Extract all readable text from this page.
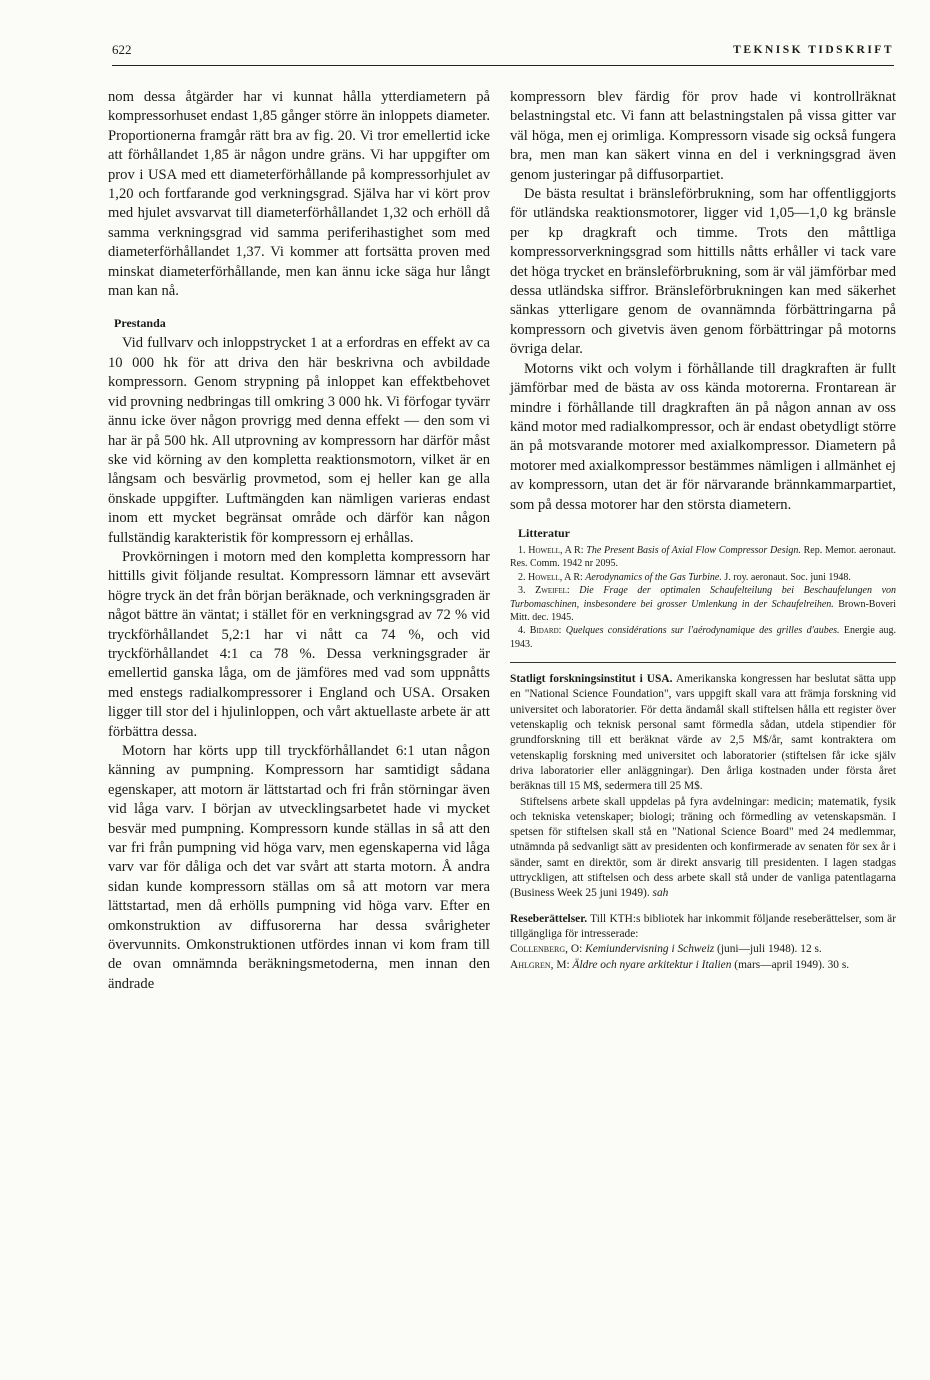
622	TEKNISK TIDSKRIFT

nom dessa åtgärder har vi kunnat hålla ytterdiametern på kompressorhuset endast 1,85 gånger större än inloppets diameter. Proportionerna framgår rätt bra av fig. 20. Vi tror emellertid icke att förhållandet 1,85 är någon undre gräns. Vi har uppgifter om prov i USA med ett diameterförhållande på kompressorhjulet av 1,20 och fortfarande god verkningsgrad. Själva har vi kört prov med hjulet avsvarvat till diameterförhållandet 1,32 och erhöll då samma verkningsgrad vid samma periferihastighet som med diameterförhållandet 1,37. Vi kommer att fortsätta proven med minskat diameterförhållande, men kan ännu icke säga hur långt man kan nå.

Prestanda

Vid fullvarv och inloppstrycket 1 at a erfordras en effekt av ca 10 000 hk för att driva den här beskrivna och avbildade kompressorn. Genom strypning på inloppet kan effektbehovet vid provning nedbringas till omkring 3 000 hk. Vi förfogar tyvärr ännu icke över någon provrigg med denna effekt — den som vi har är på 500 hk. All utprovning av kompressorn har därför måst ske vid körning av den kompletta reaktionsmotorn, vilket är en långsam och besvärlig provmetod, som ej heller kan ge alla önskade uppgifter. Luftmängden kan nämligen varieras endast inom ett mycket begränsat område och därför kan någon fullständig karakteristik för kompressorn ej erhållas.

Provkörningen i motorn med den kompletta kompressorn har hittills givit följande resultat. Kompressorn lämnar ett avsevärt högre tryck än det från början beräknade, och verkningsgraden är något bättre än väntat; i stället för en verkningsgrad av 72 % vid tryckförhållandet 5,2:1 har vi nått ca 74 %, och vid tryckförhållandet 4:1 ca 78 %. Dessa verkningsgrader är emellertid ganska låga, om de jämföres med vad som uppnåtts med enstegs radialkompressorer i England och USA. Orsaken ligger till stor del i hjulinloppen, och vårt aktuellaste arbete är att förbättra dessa.

Motorn har körts upp till tryckförhållandet 6:1 utan någon känning av pumpning. Kompressorn har samtidigt sådana egenskaper, att motorn är lättstartad och fri från störningar även vid låga varv. I början av utvecklingsarbetet hade vi mycket besvär med pumpning. Kompressorn kunde ställas in så att den var fri från pumpning vid höga varv, men egenskaperna vid låga varv var för dåliga och det var svårt att starta motorn. Å andra sidan kunde kompressorn ställas om så att motorn var mera lättstartad, men då erhölls pumpning vid höga varv. Efter en omkonstruktion av diffusorerna har dessa svårigheter övervunnits. Omkonstruktionen utfördes innan vi kom fram till de ovan omnämnda beräkningsmetoderna, men innan den ändrade

kompressorn blev färdig för prov hade vi kontrollräknat belastningstal etc. Vi fann att belastningstalen på vissa gitter var väl höga, men ej orimliga. Kompressorn visade sig också fungera bra, men man kan säkert vinna en del i verkningsgrad även genom justeringar på diffusorpartiet.

De bästa resultat i bränsleförbrukning, som har offentliggjorts för utländska reaktionsmotorer, ligger vid 1,05—1,0 kg bränsle per kp dragkraft och timme. Trots den måttliga kompressorverkningsgrad som hittills nåtts erhåller vi tack vare det höga trycket en bränsleförbrukning, som är väl jämförbar med dessa utländska siffror. Bränsleförbrukningen kan med säkerhet sänkas ytterligare genom de ovannämnda förbättringarna på kompressorn och givetvis även genom förbättringar på motorns övriga delar.

Motorns vikt och volym i förhållande till dragkraften är fullt jämförbar med de bästa av oss kända motorerna. Frontarean är mindre i förhållande till dragkraften än på någon annan av oss känd motor med radialkompressor, och är endast obetydligt större än på motsvarande motorer med axialkompressor. Diametern på motorer med axialkompressor bestämmes nämligen i allmänhet ej av kompressorn, utan det är för närvarande brännkammarpartiet, som på dessa motorer har den största diametern.

Litteratur

1. Howell, A R: The Present Basis of Axial Flow Compressor Design. Rep. Memor. aeronaut. Res. Comm. 1942 nr 2095.

2. Howell, A R: Aerodynamics of the Gas Turbine. J. roy. aeronaut. Soc. juni 1948.

3. Zweifel: Die Frage der optimalen Schaufelteilung bei Beschaufelungen von Turbomaschinen, insbesondere bei grosser Umlenkung in der Schaufelreihen. Brown-Boveri Mitt. dec. 1945.

4. Bidard: Quelques considérations sur l'aérodynamique des grilles d'aubes. Energie aug. 1943.

Statligt forskningsinstitut i USA. Amerikanska kongressen har beslutat sätta upp en "National Science Foundation", vars uppgift skall vara att främja forskning vid universitet och laboratorier. För detta ändamål skall stiftelsen hålla ett register över vetenskaplig och teknisk personal samt förmedla sådan, utdela stipendier för grundforskning till ett beräknat värde av 2,5 M$/år, samt kontraktera om vetenskaplig forskning med universitet och laboratorier (stiftelsen får icke själv driva laboratorier eller anläggningar). Den årliga kostnaden under första året beräknas till 15 M$, sedermera till 25 M$.

Stiftelsens arbete skall uppdelas på fyra avdelningar: medicin; matematik, fysik och tekniska vetenskaper; biologi; träning och förmedling av vetenskapsmän. I spetsen för stiftelsen skall stå en "National Science Board" med 24 medlemmar, utnämnda på sedvanligt sätt av presidenten och konfirmerade av senaten för sex år i sänder, samt en direktör, som är direkt ansvarig till presidenten. I lagen stadgas uttryckligen, att stiftelsen och dess arbete skall stå under de vanliga patentlagarna (Business Week 25 juni 1949). sah

Reseberättelser. Till KTH:s bibliotek har inkommit följande reseberättelser, som är tillgängliga för intresserade:

Collenberg, O: Kemiundervisning i Schweiz (juni—juli 1948). 12 s.

Ahlgren, M: Äldre och nyare arkitektur i Italien (mars—april 1949). 30 s.
